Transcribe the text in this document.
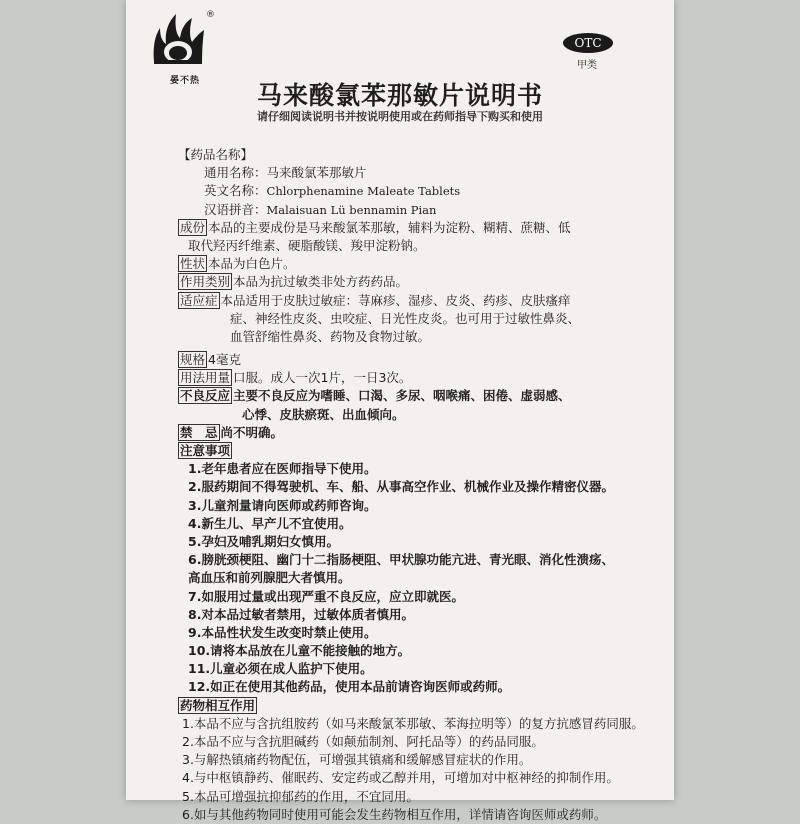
晏不热
®
OTC
甲类
马来酸氯苯那敏片说明书
请仔细阅读说明书并按说明使用或在药师指导下购买和使用
【药品名称】
通用名称：马来酸氯苯那敏片
英文名称：Chlorphenamine Maleate Tablets
汉语拼音：Malaisuan Lü bennamin Pian
成份 本品的主要成份是马来酸氯苯那敏，辅料为淀粉、糊精、蔗糖、低
取代羟丙纤维素、硬脂酸镁、羧甲淀粉钠。
性状 本品为白色片。
作用类别 本品为抗过敏类非处方药药品。
适应症 本品适用于皮肤过敏症：荨麻疹、湿疹、皮炎、药疹、皮肤瘙痒
症、神经性皮炎、虫咬症、日光性皮炎。也可用于过敏性鼻炎、
血管舒缩性鼻炎、药物及食物过敏。
规格 4毫克
用法用量 口服。成人一次1片，一日3次。
不良反应 主要不良反应为嗜睡、口渴、多尿、咽喉痛、困倦、虚弱感、
心悸、皮肤瘀斑、出血倾向。
禁　忌 尚不明确。
注意事项
1.老年患者应在医师指导下使用。
2.服药期间不得驾驶机、车、船、从事高空作业、机械作业及操作精密仪器。
3.儿童剂量请向医师或药师咨询。
4.新生儿、早产儿不宜使用。
5.孕妇及哺乳期妇女慎用。
6.膀胱颈梗阻、幽门十二指肠梗阻、甲状腺功能亢进、青光眼、消化性溃疡、
高血压和前列腺肥大者慎用。
7.如服用过量或出现严重不良反应，应立即就医。
8.对本品过敏者禁用，过敏体质者慎用。
9.本品性状发生改变时禁止使用。
10.请将本品放在儿童不能接触的地方。
11.儿童必须在成人监护下使用。
12.如正在使用其他药品，使用本品前请咨询医师或药师。
药物相互作用
1.本品不应与含抗组胺药（如马来酸氯苯那敏、苯海拉明等）的复方抗感冒药同服。
2.本品不应与含抗胆碱药（如颠茄制剂、阿托品等）的药品同服。
3.与解热镇痛药物配伍，可增强其镇痛和缓解感冒症状的作用。
4.与中枢镇静药、催眠药、安定药或乙醇并用，可增加对中枢神经的抑制作用。
5.本品可增强抗抑郁药的作用，不宜同用。
6.如与其他药物同时使用可能会发生药物相互作用，详情请咨询医师或药师。
